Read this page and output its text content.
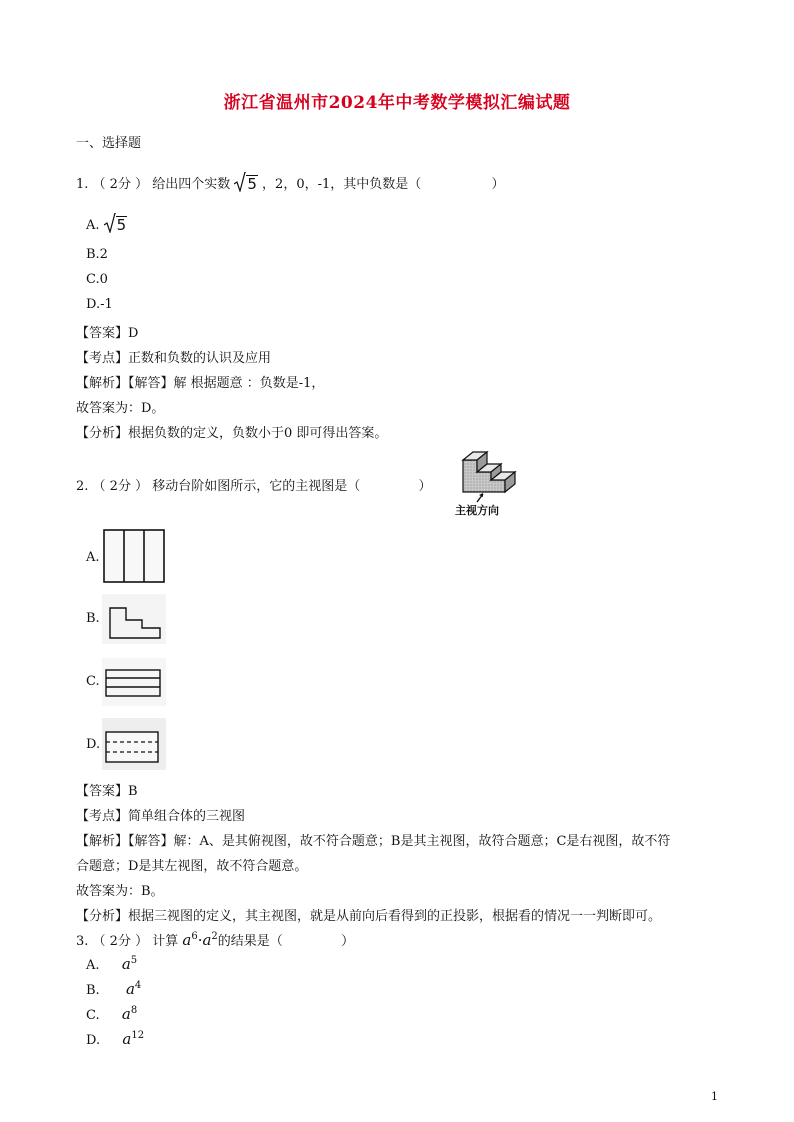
浙江省温州市2024年中考数学模拟汇编试题
一、选择题
1. （ 2分 ） 给出四个实数 5 ，2，0，-1，其中负数是（	）
A. 5
B.2
C.0
D.-1
【答案】D
【考点】正数和负数的认识及应用
【解析】【解答】解 根据题意 ：负数是-1，
故答案为：D。
【分析】根据负数的定义，负数小于0 即可得出答案。
2. （ 2分 ） 移动台阶如图所示，它的主视图是（	）
主视方向
A.
B.
C.
D.
【答案】B
【考点】简单组合体的三视图
【解析】【解答】解：A、是其俯视图，故不符合题意；B是其主视图，故符合题意；C是右视图，故不符
合题意；D是其左视图，故不符合题意。
故答案为：B。
【分析】根据三视图的定义，其主视图，就是从前向后看得到的正投影，根据看的情况一一判断即可。
3. （ 2分 ） 计算 $a^6\cdot a^2$的结果是（	）
A. $a^5$
B. $a^4$
C. $a^8$
D. $a^{12}$
1
